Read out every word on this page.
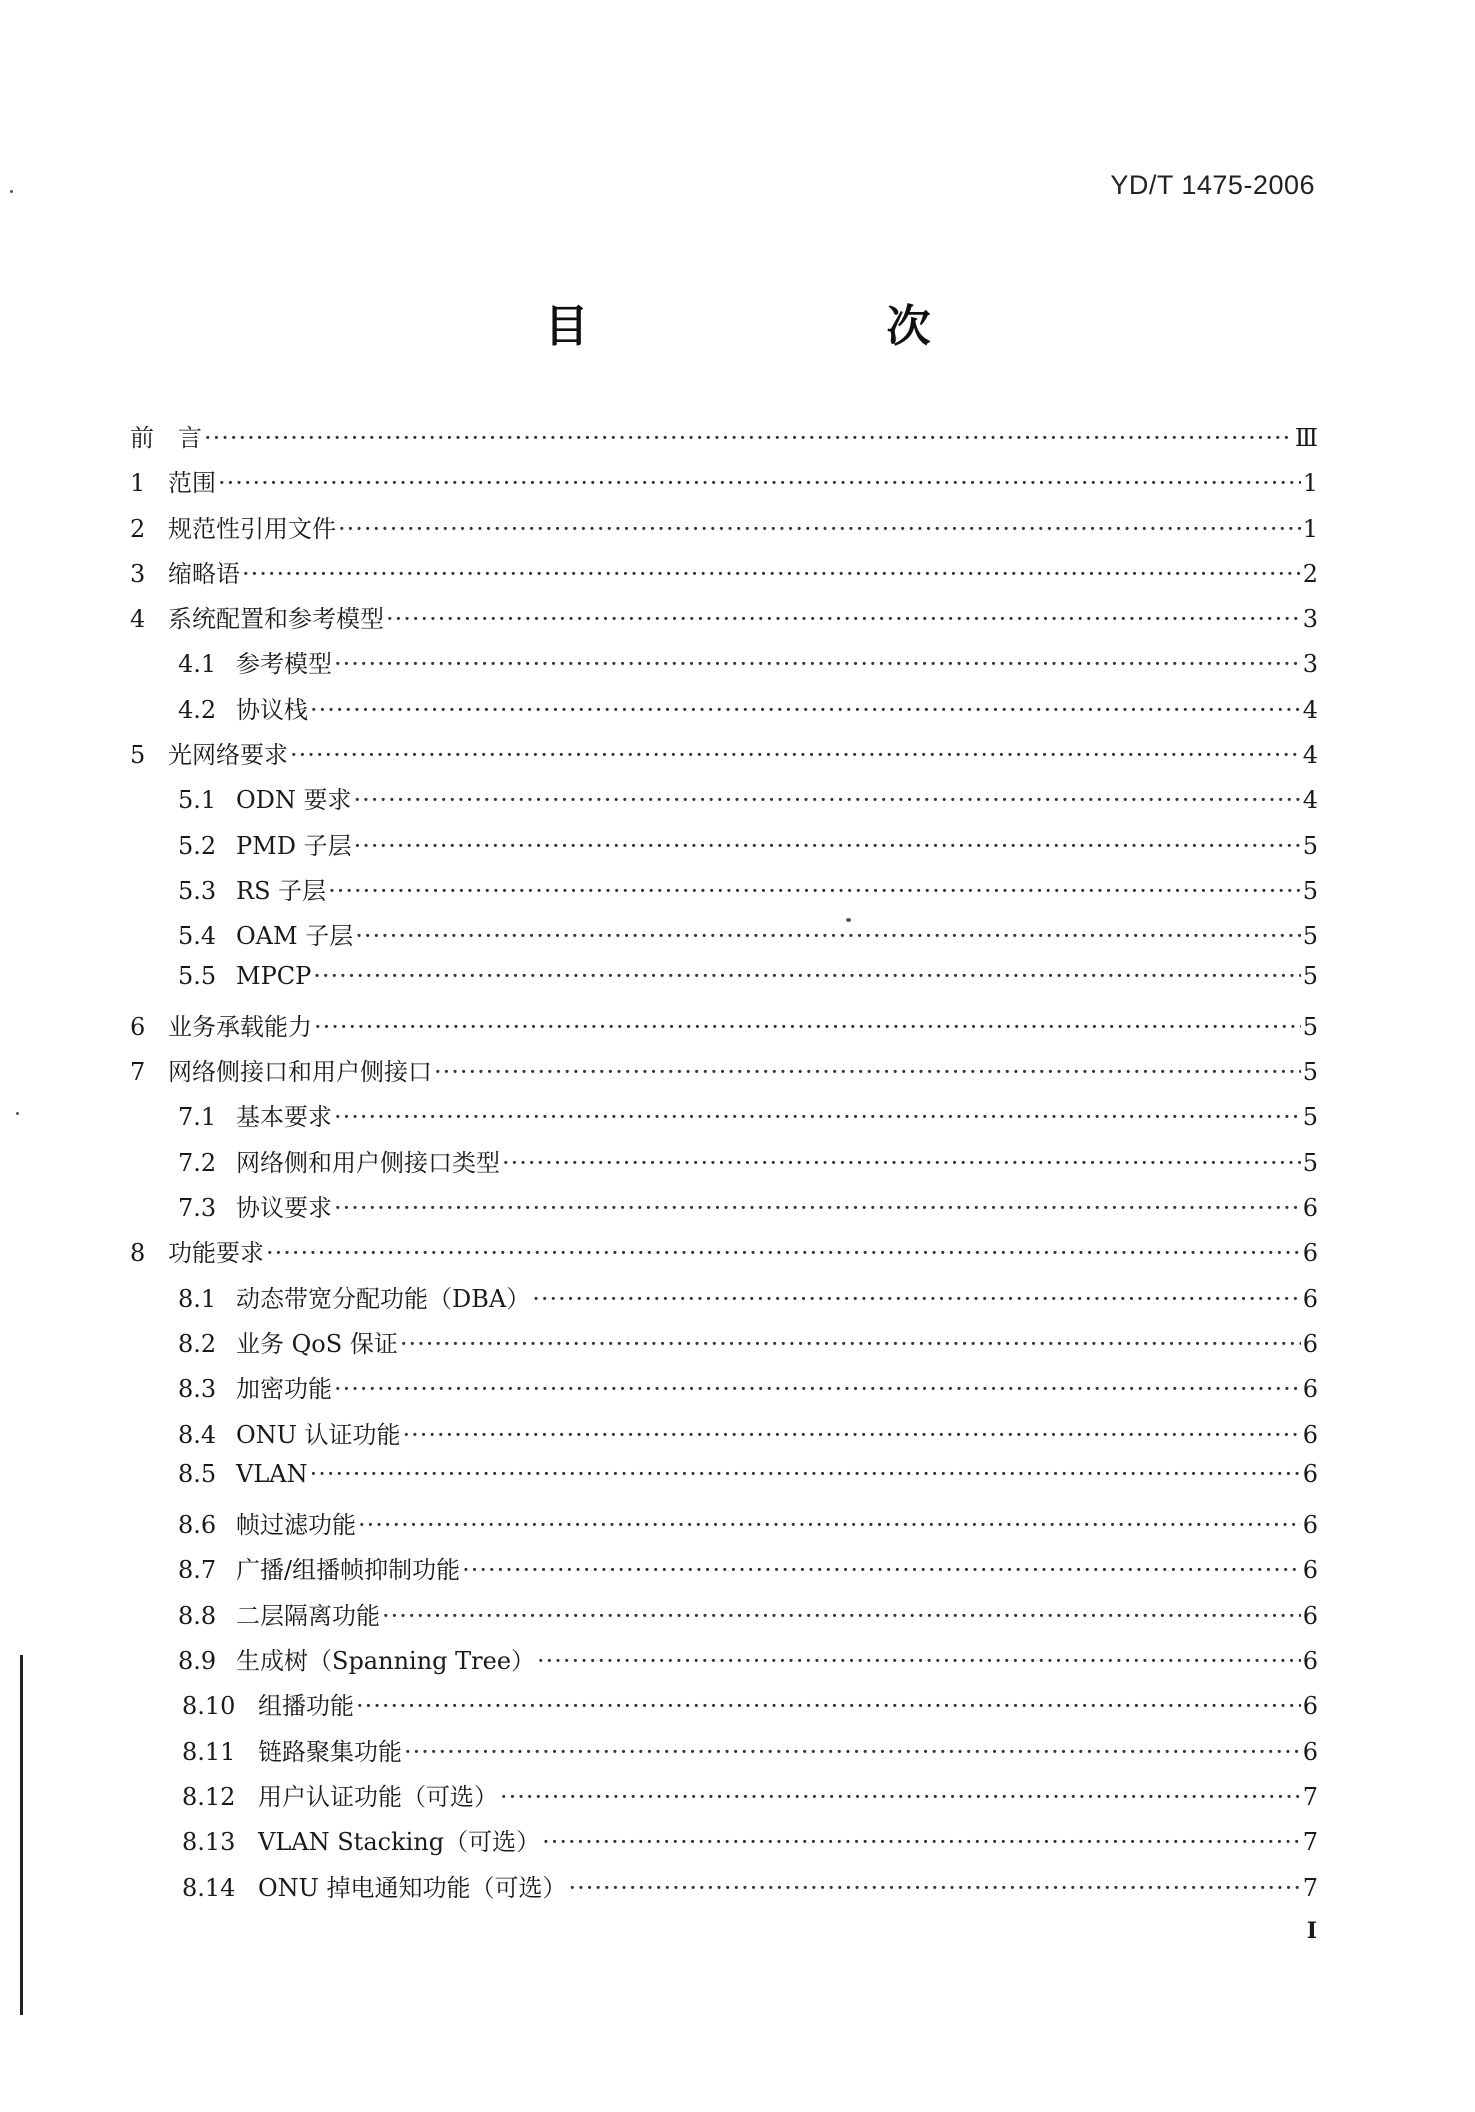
YD/T 1475-2006
目　　次
前　言 ·····	Ⅲ
1 范围 ·····	1
2 规范性引用文件 ·····	1
3 缩略语 ·····	2
4 系统配置和参考模型 ·····	3
4.1 参考模型 ·····	3
4.2 协议栈 ·····	4
5 光网络要求 ·····	4
5.1 ODN 要求 ·····	4
5.2 PMD 子层 ·····	5
5.3 RS 子层 ·····	5
5.4 OAM 子层 ·····	5
5.5 MPCP ·····	5
6 业务承载能力 ·····	5
7 网络侧接口和用户侧接口 ·····	5
7.1 基本要求 ·····	5
7.2 网络侧和用户侧接口类型 ·····	5
7.3 协议要求 ·····	6
8 功能要求 ·····	6
8.1 动态带宽分配功能（DBA） ·····	6
8.2 业务 QoS 保证 ·····	6
8.3 加密功能 ·····	6
8.4 ONU 认证功能 ·····	6
8.5 VLAN ·····	6
8.6 帧过滤功能 ·····	6
8.7 广播/组播帧抑制功能 ·····	6
8.8 二层隔离功能 ·····	6
8.9 生成树（Spanning Tree） ·····	6
8.10 组播功能 ·····	6
8.11 链路聚集功能 ·····	6
8.12 用户认证功能（可选） ·····	7
8.13 VLAN Stacking（可选） ·····	7
8.14 ONU 掉电通知功能（可选） ·····	7
I
